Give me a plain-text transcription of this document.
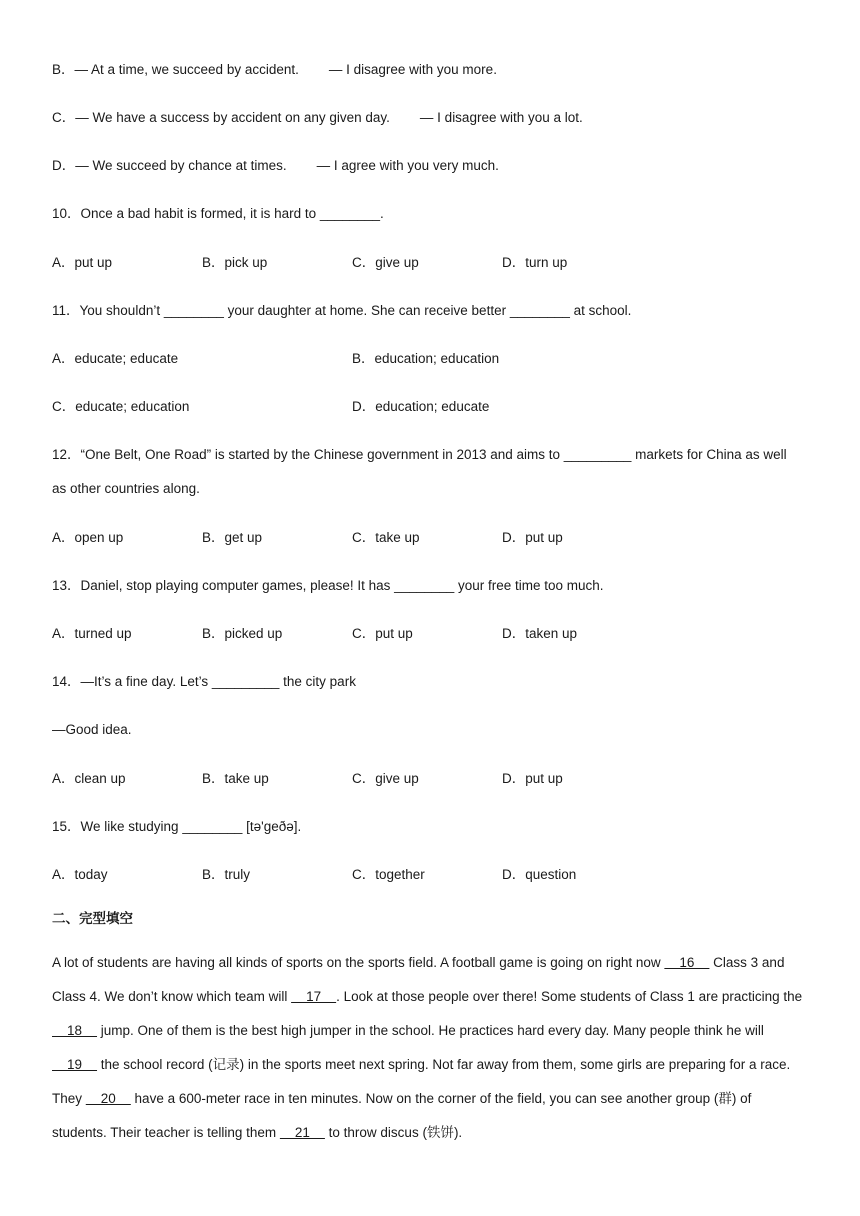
B．— At a time, we succeed by accident.        — I disagree with you more.
C．— We have a success by accident on any given day.        — I disagree with you a lot.
D．— We succeed by chance at times.        — I agree with you very much.
10．Once a bad habit is formed, it is hard to ________.
A．put up	B．pick up	C．give up	D．turn up
11．You shouldn’t ________ your daughter at home. She can receive better ________ at school.
A．educate; educate	B．education; education
C．educate; education	D．education; educate
12．“One Belt, One Road” is started by the Chinese government in 2013 and aims to _________ markets for China as well
as other countries along.
A．open up	B．get up	C．take up	D．put up
13．Daniel, stop playing computer games, please! It has ________ your free time too much.
A．turned up	B．picked up	C．put up	D．taken up
14．—It’s a fine day. Let’s _________ the city park
—Good idea.
A．clean up	B．take up	C．give up	D．put up
15．We like studying ________ [tə'geðə].
A．today	B．truly	C．together	D．question
二、完型填空
A lot of students are having all kinds of sports on the sports field. A football game is going on right now     16     Class 3 and Class 4. We don’t know which team will     17    . Look at those people over there! Some students of Class 1 are practicing the     18     jump. One of them is the best high jumper in the school. He practices hard every day. Many people think he will     19     the school record (记录) in the sports meet next spring. Not far away from them, some girls are preparing for a race. They     20     have a 600-meter race in ten minutes. Now on the corner of the field, you can see another group (群) of students. Their teacher is telling them     21     to throw discus (铁饼).
